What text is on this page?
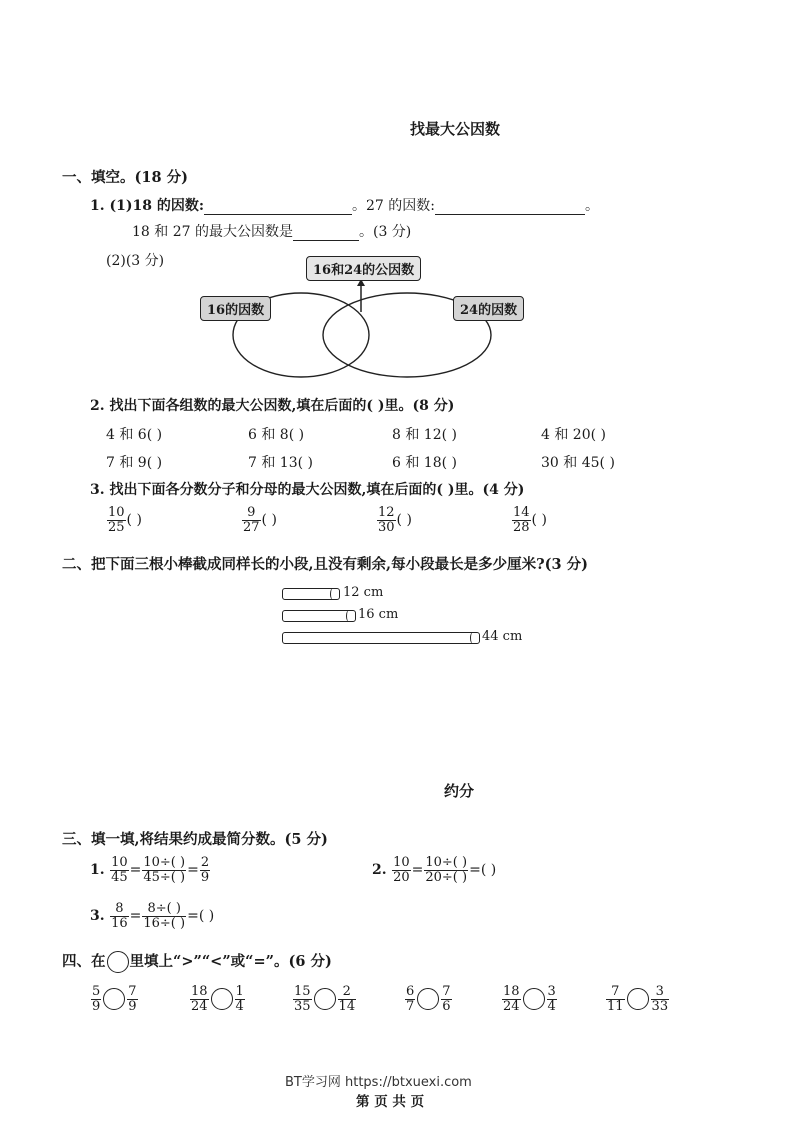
找最大公因数
一、填空。(18 分)
1. (1)18 的因数:	。27 的因数:	。
18 和 27 的最大公因数是	。(3 分)
(2)(3 分)
16和24的公因数
16的因数	24的因数
2. 找出下面各组数的最大公因数,填在后面的( )里。(8 分)
4 和 6( )	6 和 8( )	8 和 12( )	4 和 20( )
7 和 9( )	7 和 13( )	6 和 18( )	30 和 45( )
3. 找出下面各分数分子和分母的最大公因数,填在后面的( )里。(4 分)
$\frac{10}{25}$ ( )	$\frac{9}{27}$ ( )	$\frac{12}{30}$ ( )	$\frac{14}{28}$ ( )
二、把下面三根小棒截成同样长的小段,且没有剩余,每小段最长是多少厘米?(3 分)
12 cm
16 cm
44 cm
约分
三、填一填,将结果约成最简分数。(5 分)
1. $\frac{10}{45} = \frac{10\div( )}{45\div( )} = \frac{2}{9}$	2. $\frac{10}{20} = \frac{10\div( )}{20\div( )}$ =( )
3. $\frac{8}{16} = \frac{8\div( )}{16\div( )}$ =( )
四、在 里填上“>”“<”或“=”。(6 分)
$\frac{5}{9} \frac{7}{9}$	$\frac{18}{24} \frac{1}{4}$	$\frac{15}{35} \frac{2}{14}$	$\frac{6}{7} \frac{7}{6}$	$\frac{18}{24} \frac{3}{4}$	$\frac{7}{11} \frac{3}{33}$
BT学习网 https://btxuexi.com
第 页 共 页
